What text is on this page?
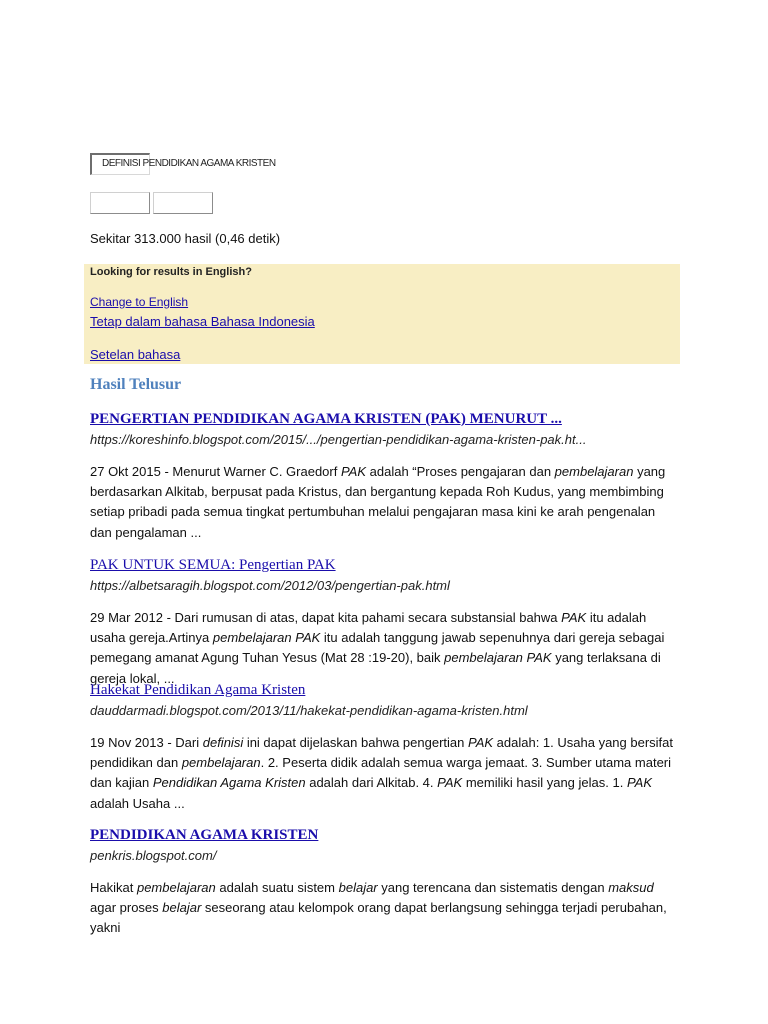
DEFINISI PENDIDIKAN AGAMA KRISTEN
Sekitar 313.000 hasil (0,46 detik)
Looking for results in English?
Change to English
Tetap dalam bahasa Bahasa Indonesia
Setelan bahasa
Hasil Telusur
PENGERTIAN PENDIDIKAN AGAMA KRISTEN (PAK) MENURUT ...
https://koreshinfo.blogspot.com/2015/.../pengertian-pendidikan-agama-kristen-pak.ht...
27 Okt 2015 - Menurut Warner C. Graedorf PAK adalah “Proses pengajaran dan pembelajaran yang berdasarkan Alkitab, berpusat pada Kristus, dan bergantung kepada Roh Kudus, yang membimbing setiap pribadi pada semua tingkat pertumbuhan melalui pengajaran masa kini ke arah pengenalan dan pengalaman ...
PAK UNTUK SEMUA: Pengertian PAK
https://albetsaragih.blogspot.com/2012/03/pengertian-pak.html
29 Mar 2012 - Dari rumusan di atas, dapat kita pahami secara substansial bahwa PAK itu adalah usaha gereja.Artinya pembelajaran PAK itu adalah tanggung jawab sepenuhnya dari gereja sebagai pemegang amanat Agung Tuhan Yesus (Mat 28 :19-20), baik pembelajaran PAK yang terlaksana di gereja lokal, ...
Hakekat Pendidikan Agama Kristen
dauddarmadi.blogspot.com/2013/11/hakekat-pendidikan-agama-kristen.html
19 Nov 2013 - Dari definisi ini dapat dijelaskan bahwa pengertian PAK adalah: 1. Usaha yang bersifat pendidikan dan pembelajaran. 2. Peserta didik adalah semua warga jemaat. 3. Sumber utama materi dan kajian Pendidikan Agama Kristen adalah dari Alkitab. 4. PAK memiliki hasil yang jelas. 1. PAK adalah Usaha ...
PENDIDIKAN AGAMA KRISTEN
penkris.blogspot.com/
Hakikat pembelajaran adalah suatu sistem belajar yang terencana dan sistematis dengan maksud agar proses belajar seseorang atau kelompok orang dapat berlangsung sehingga terjadi perubahan, yakni
